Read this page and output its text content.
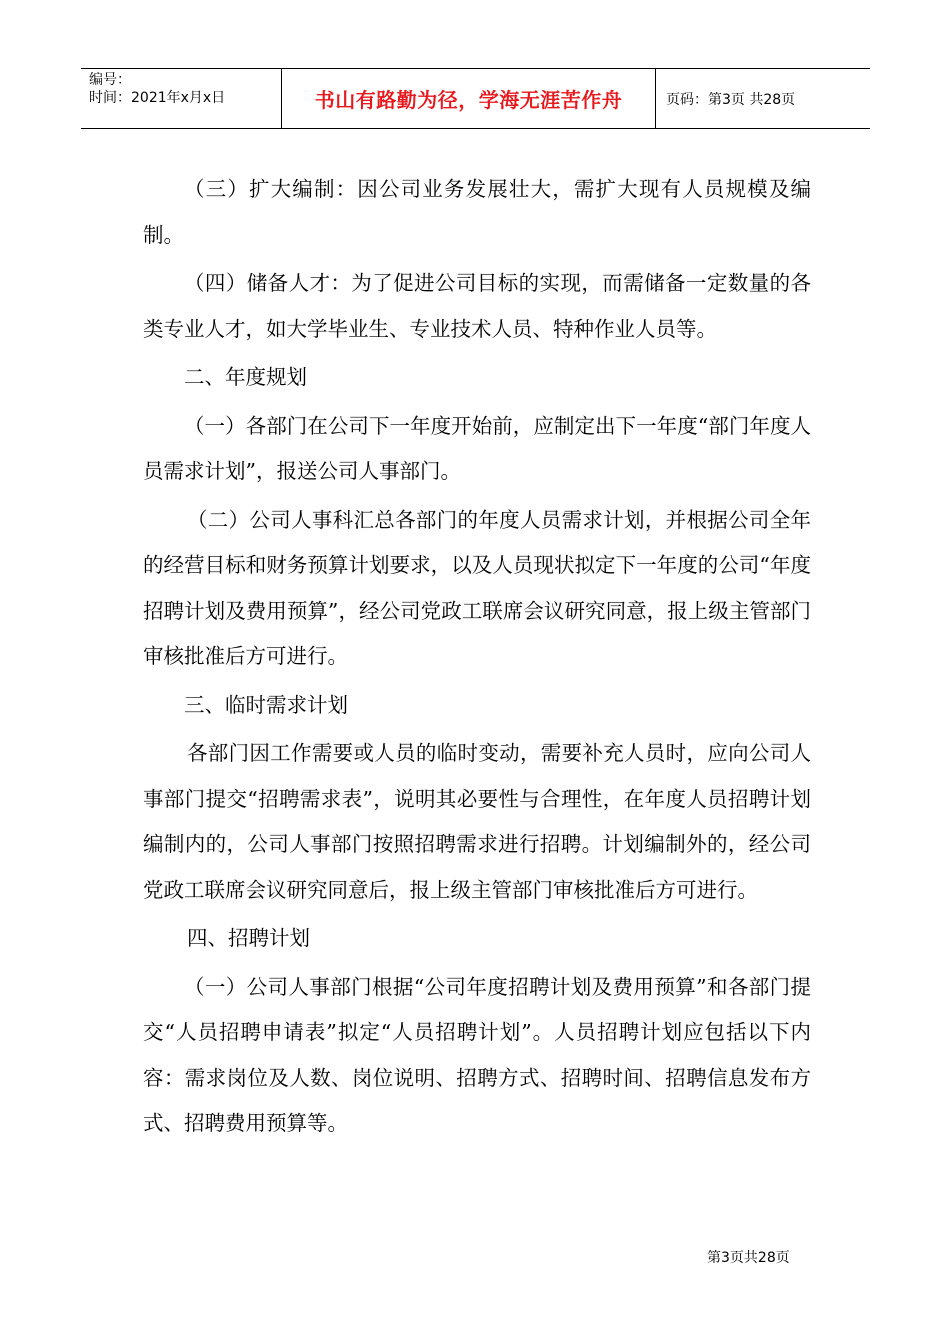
编号：
时间：2021年x月x日	书山有路勤为径，学海无涯苦作舟	页码：第3页 共28页

（三）扩大编制：因公司业务发展壮大，需扩大现有人员规模及编制。

（四）储备人才：为了促进公司目标的实现，而需储备一定数量的各类专业人才，如大学毕业生、专业技术人员、特种作业人员等。

二、年度规划

（一）各部门在公司下一年度开始前，应制定出下一年度“部门年度人员需求计划”，报送公司人事部门。

（二）公司人事科汇总各部门的年度人员需求计划，并根据公司全年的经营目标和财务预算计划要求，以及人员现状拟定下一年度的公司“年度招聘计划及费用预算”，经公司党政工联席会议研究同意，报上级主管部门审核批准后方可进行。

三、临时需求计划

各部门因工作需要或人员的临时变动，需要补充人员时，应向公司人事部门提交“招聘需求表”，说明其必要性与合理性，在年度人员招聘计划编制内的，公司人事部门按照招聘需求进行招聘。计划编制外的，经公司党政工联席会议研究同意后，报上级主管部门审核批准后方可进行。

四、招聘计划

（一）公司人事部门根据“公司年度招聘计划及费用预算”和各部门提交“人员招聘申请表”拟定“人员招聘计划”。人员招聘计划应包括以下内容：需求岗位及人数、岗位说明、招聘方式、招聘时间、招聘信息发布方式、招聘费用预算等。

第3页共28页
